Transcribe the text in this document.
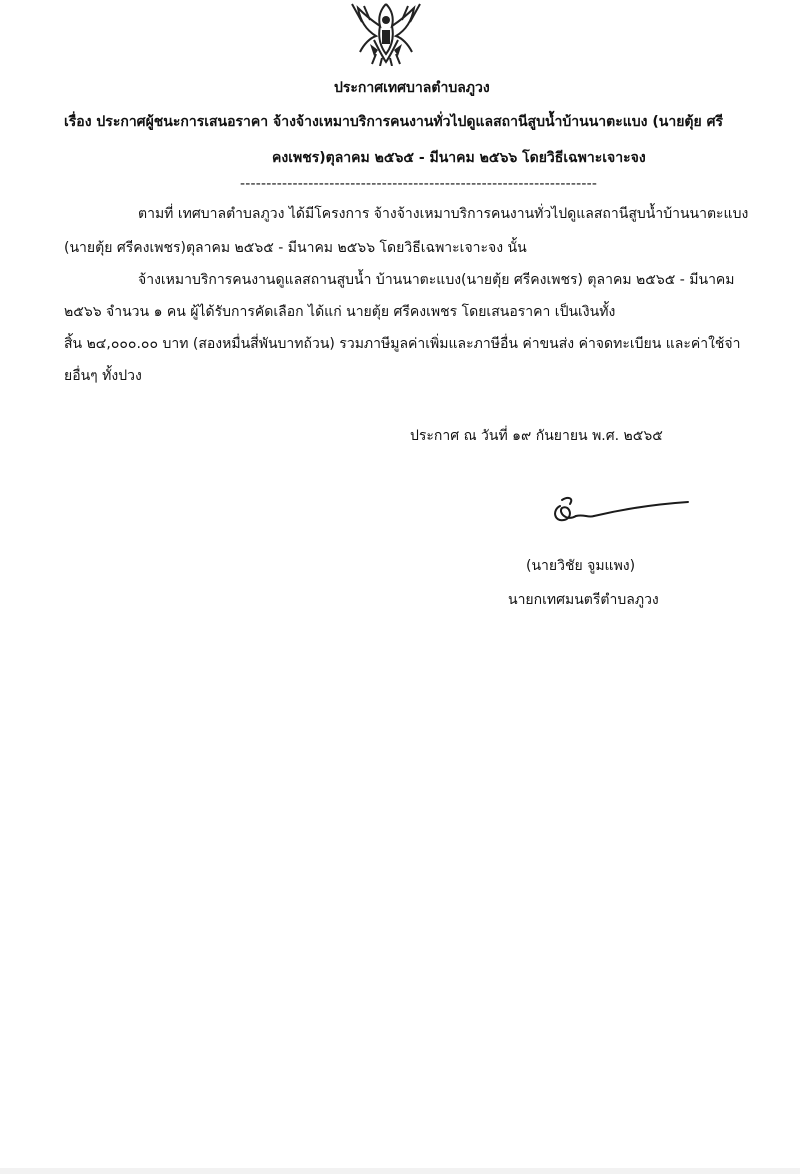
ประกาศเทศบาลตำบลภูวง
เรื่อง ประกาศผู้ชนะการเสนอราคา จ้างจ้างเหมาบริการคนงานทั่วไปดูแลสถานีสูบน้ำบ้านนาตะแบง (นายตุ้ย ศรี
คงเพชร)ตุลาคม ๒๕๖๕ - มีนาคม ๒๕๖๖ โดยวิธีเฉพาะเจาะจง
--------------------------------------------------------------------
ตามที่ เทศบาลตำบลภูวง ได้มีโครงการ จ้างจ้างเหมาบริการคนงานทั่วไปดูแลสถานีสูบน้ำบ้านนาตะแบง
(นายตุ้ย ศรีคงเพชร)ตุลาคม ๒๕๖๕ - มีนาคม ๒๕๖๖ โดยวิธีเฉพาะเจาะจง นั้น
จ้างเหมาบริการคนงานดูแลสถานสูบน้ำ บ้านนาตะแบง(นายตุ้ย ศรีคงเพชร) ตุลาคม ๒๕๖๕ - มีนาคม
๒๕๖๖ จำนวน ๑ คน ผู้ได้รับการคัดเลือก ได้แก่ นายตุ้ย ศรีคงเพชร โดยเสนอราคา เป็นเงินทั้ง
สิ้น ๒๔,๐๐๐.๐๐ บาท (สองหมื่นสี่พันบาทถ้วน) รวมภาษีมูลค่าเพิ่มและภาษีอื่น ค่าขนส่ง ค่าจดทะเบียน และค่าใช้จ่า
ยอื่นๆ ทั้งปวง
ประกาศ ณ วันที่ ๑๙ กันยายน พ.ศ. ๒๕๖๕
(นายวิชัย จูมแพง)
นายกเทศมนตรีตำบลภูวง
